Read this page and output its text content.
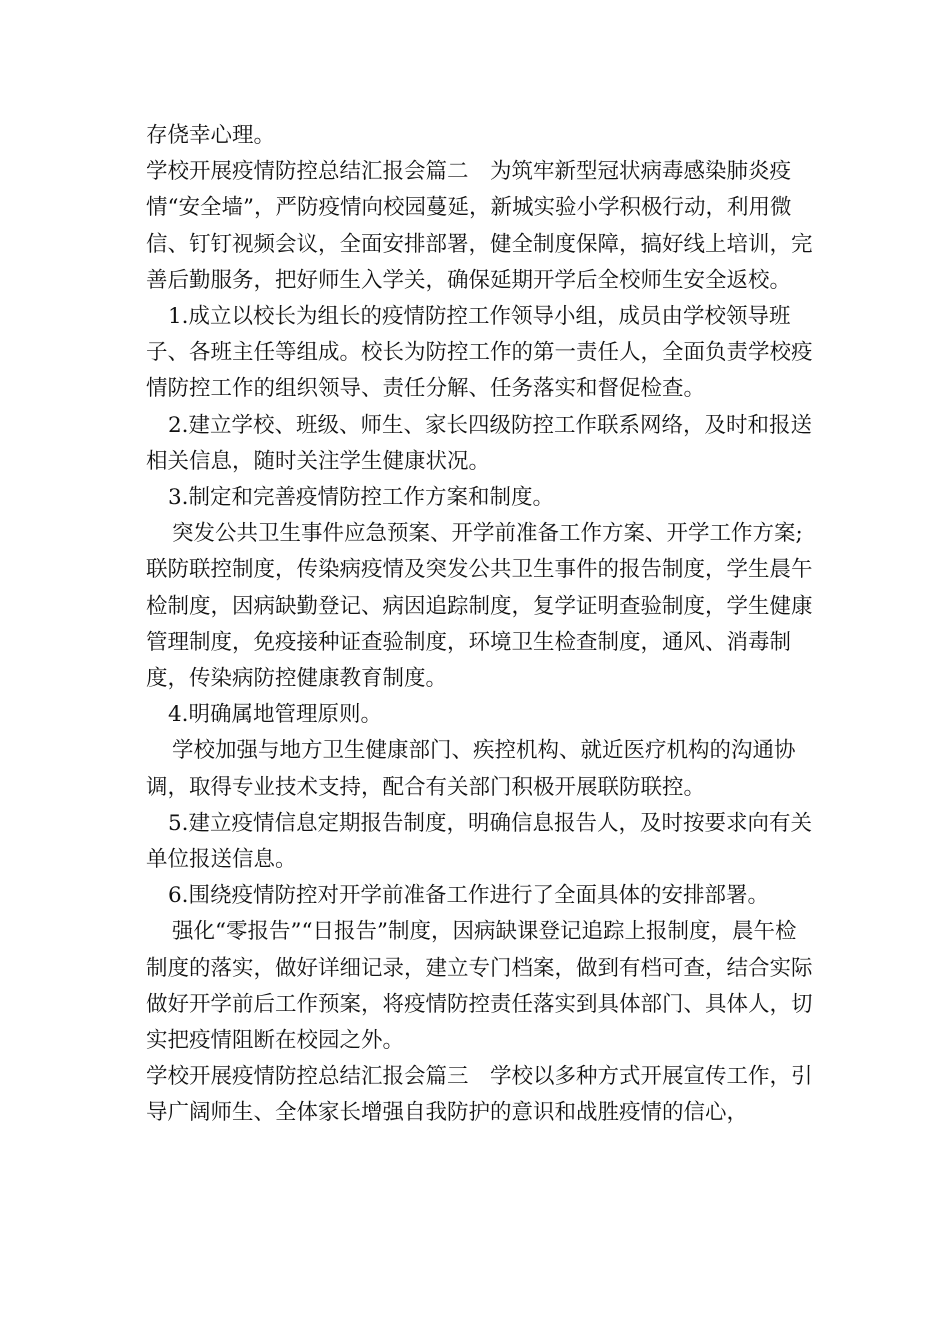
存侥幸心理。

学校开展疫情防控总结汇报会篇二　为筑牢新型冠状病毒感染肺炎疫情“安全墙”，严防疫情向校园蔓延，新城实验小学积极行动，利用微信、钉钉视频会议，全面安排部署，健全制度保障，搞好线上培训，完善后勤服务，把好师生入学关，确保延期开学后全校师生安全返校。

1.成立以校长为组长的疫情防控工作领导小组，成员由学校领导班子、各班主任等组成。校长为防控工作的第一责任人，全面负责学校疫情防控工作的组织领导、责任分解、任务落实和督促检查。

2.建立学校、班级、师生、家长四级防控工作联系网络，及时和报送相关信息，随时关注学生健康状况。

3.制定和完善疫情防控工作方案和制度。

突发公共卫生事件应急预案、开学前准备工作方案、开学工作方案;联防联控制度，传染病疫情及突发公共卫生事件的报告制度，学生晨午检制度，因病缺勤登记、病因追踪制度，复学证明查验制度，学生健康管理制度，免疫接种证查验制度，环境卫生检查制度，通风、消毒制度，传染病防控健康教育制度。

4.明确属地管理原则。

学校加强与地方卫生健康部门、疾控机构、就近医疗机构的沟通协调，取得专业技术支持，配合有关部门积极开展联防联控。

5.建立疫情信息定期报告制度，明确信息报告人，及时按要求向有关单位报送信息。

6.围绕疫情防控对开学前准备工作进行了全面具体的安排部署。

强化“零报告”“日报告”制度，因病缺课登记追踪上报制度，晨午检制度的落实，做好详细记录，建立专门档案，做到有档可查，结合实际做好开学前后工作预案，将疫情防控责任落实到具体部门、具体人，切实把疫情阻断在校园之外。

学校开展疫情防控总结汇报会篇三　学校以多种方式开展宣传工作，引导广阔师生、全体家长增强自我防护的意识和战胜疫情的信心，
